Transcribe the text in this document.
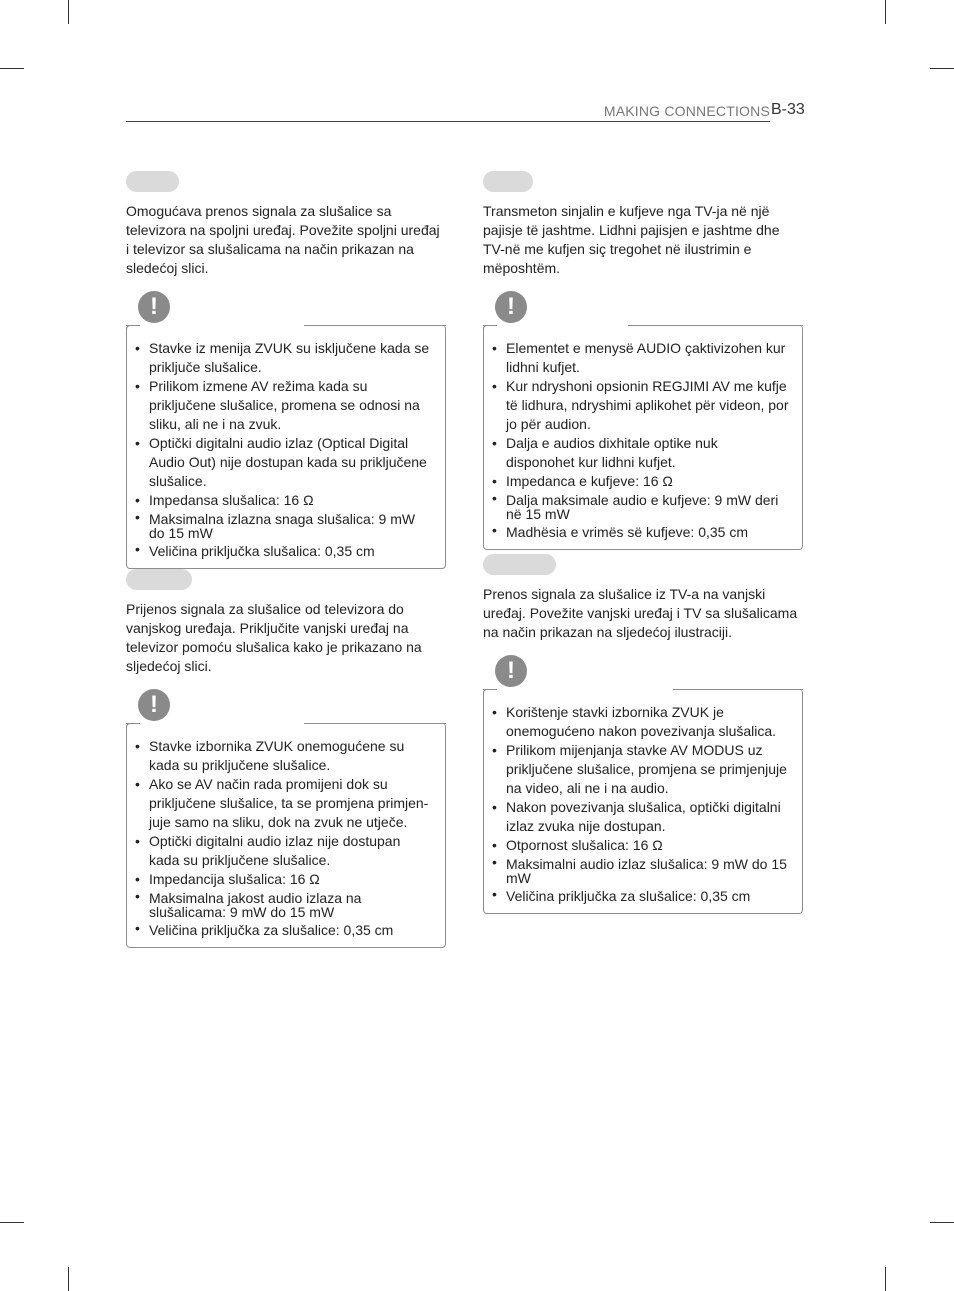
MAKING CONNECTIONS B-33

Omogućava prenos signala za slušalice sa televizora na spoljni uređaj. Povežite spoljni uređaj i televizor sa slušalicama na način prikazan na sledećoj slici.

!
• Stavke iz menija ZVUK su isključene kada se priključe slušalice.
• Prilikom izmene AV režima kada su priključene slušalice, promena se odnosi na sliku, ali ne i na zvuk.
• Optički digitalni audio izlaz (Optical Digital Audio Out) nije dostupan kada su priključene slušalice.
• Impedansa slušalica: 16 Ω
• Maksimalna izlazna snaga slušalica: 9 mW do 15 mW
• Veličina priključka slušalica: 0,35 cm

Prijenos signala za slušalice od televizora do vanjskog uređaja. Priključite vanjski uređaj na televizor pomoću slušalica kako je prikazano na sljedećoj slici.

!
• Stavke izbornika ZVUK onemogućene su kada su priključene slušalice.
• Ako se AV način rada promijeni dok su priključene slušalice, ta se promjena primjen-juje samo na sliku, dok na zvuk ne utječe.
• Optički digitalni audio izlaz nije dostupan kada su priključene slušalice.
• Impedancija slušalica: 16 Ω
• Maksimalna jakost audio izlaza na slušalicama: 9 mW do 15 mW
• Veličina priključka za slušalice: 0,35 cm

Transmeton sinjalin e kufjeve nga TV-ja në një pajisje të jashtme. Lidhni pajisjen e jashtme dhe TV-në me kufjen siç tregohet në ilustrimin e mëposhtëm.

!
• Elementet e menysë AUDIO çaktivizohen kur lidhni kufjet.
• Kur ndryshoni opsionin REGJIMI AV me kufje të lidhura, ndryshimi aplikohet për videon, por jo për audion.
• Dalja e audios dixhitale optike nuk disponohet kur lidhni kufjet.
• Impedanca e kufjeve: 16 Ω
• Dalja maksimale audio e kufjeve: 9 mW deri në 15 mW
• Madhësia e vrimës së kufjeve: 0,35 cm

Prenos signala za slušalice iz TV-a na vanjski uređaj. Povežite vanjski uređaj i TV sa slušalicama na način prikazan na sljedećoj ilustraciji.

!
• Korištenje stavki izbornika ZVUK je onemogućeno nakon povezivanja slušalica.
• Prilikom mijenjanja stavke AV MODUS uz priključene slušalice, promjena se primjenjuje na video, ali ne i na audio.
• Nakon povezivanja slušalica, optički digitalni izlaz zvuka nije dostupan.
• Otpornost slušalica: 16 Ω
• Maksimalni audio izlaz slušalica: 9 mW do 15 mW
• Veličina priključka za slušalice: 0,35 cm
